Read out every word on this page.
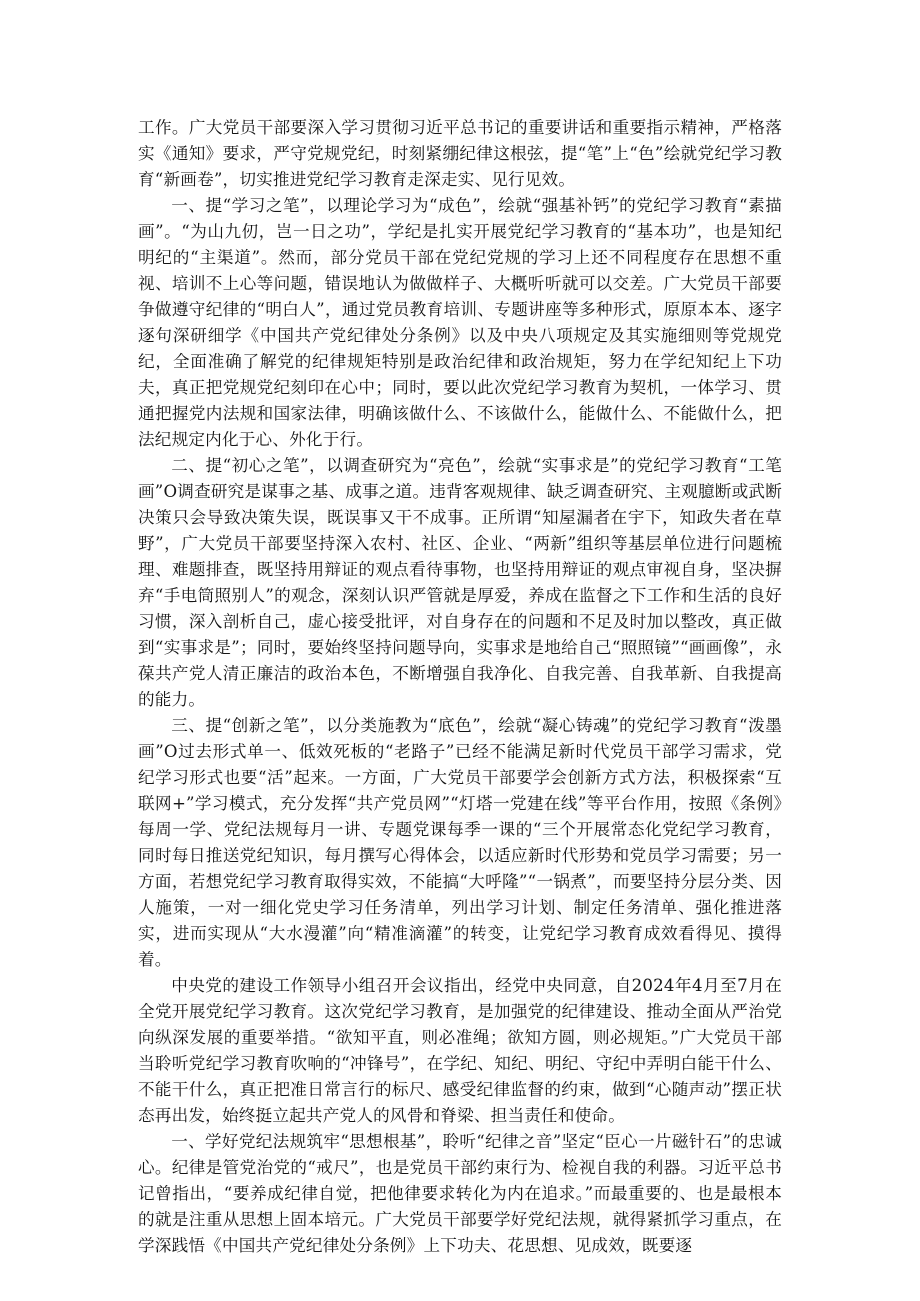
工作。广大党员干部要深入学习贯彻习近平总书记的重要讲话和重要指示精神，严格落实《通知》要求，严守党规党纪，时刻紧绷纪律这根弦，提“笔”上“色”绘就党纪学习教育“新画卷”，切实推进党纪学习教育走深走实、见行见效。

一、提“学习之笔”，以理论学习为“成色”，绘就“强基补钙”的党纪学习教育“素描画”。“为山九仞，岂一日之功”，学纪是扎实开展党纪学习教育的“基本功”，也是知纪明纪的“主渠道”。然而，部分党员干部在党纪党规的学习上还不同程度存在思想不重视、培训不上心等问题，错误地认为做做样子、大概听听就可以交差。广大党员干部要争做遵守纪律的“明白人”，通过党员教育培训、专题讲座等多种形式，原原本本、逐字逐句深研细学《中国共产党纪律处分条例》以及中央八项规定及其实施细则等党规党纪，全面准确了解党的纪律规矩特别是政治纪律和政治规矩，努力在学纪知纪上下功夫，真正把党规党纪刻印在心中；同时，要以此次党纪学习教育为契机，一体学习、贯通把握党内法规和国家法律，明确该做什么、不该做什么，能做什么、不能做什么，把法纪规定内化于心、外化于行。

二、提“初心之笔”，以调查研究为“亮色”，绘就“实事求是”的党纪学习教育“工笔画”O调查研究是谋事之基、成事之道。违背客观规律、缺乏调查研究、主观臆断或武断决策只会导致决策失误，既误事又干不成事。正所谓“知屋漏者在宇下，知政失者在草野”，广大党员干部要坚持深入农村、社区、企业、“两新”组织等基层单位进行问题梳理、难题排查，既坚持用辩证的观点看待事物，也坚持用辩证的观点审视自身，坚决摒弃“手电筒照别人”的观念，深刻认识严管就是厚爱，养成在监督之下工作和生活的良好习惯，深入剖析自己，虚心接受批评，对自身存在的问题和不足及时加以整改，真正做到“实事求是”；同时，要始终坚持问题导向，实事求是地给自己“照照镜”“画画像”，永葆共产党人清正廉洁的政治本色，不断增强自我净化、自我完善、自我革新、自我提高的能力。

三、提“创新之笔”，以分类施教为“底色”，绘就“凝心铸魂”的党纪学习教育“泼墨画”O过去形式单一、低效死板的“老路子”已经不能满足新时代党员干部学习需求，党纪学习形式也要“活”起来。一方面，广大党员干部要学会创新方式方法，积极探索“互联网+”学习模式，充分发挥“共产党员网”“灯塔一党建在线”等平台作用，按照《条例》每周一学、党纪法规每月一讲、专题党课每季一课的“三个开展常态化党纪学习教育，同时每日推送党纪知识，每月撰写心得体会，以适应新时代形势和党员学习需要；另一方面，若想党纪学习教育取得实效，不能搞“大呼隆”“一锅煮”，而要坚持分层分类、因人施策，一对一细化党史学习任务清单，列出学习计划、制定任务清单、强化推进落实，进而实现从“大水漫灌”向“精准滴灌”的转变，让党纪学习教育成效看得见、摸得着。

中央党的建设工作领导小组召开会议指出，经党中央同意，自2024年4月至7月在全党开展党纪学习教育。这次党纪学习教育，是加强党的纪律建设、推动全面从严治党向纵深发展的重要举措。“欲知平直，则必准绳；欲知方圆，则必规矩。”广大党员干部当聆听党纪学习教育吹响的“冲锋号”，在学纪、知纪、明纪、守纪中弄明白能干什么、不能干什么，真正把准日常言行的标尺、感受纪律监督的约束，做到“心随声动”摆正状态再出发，始终挺立起共产党人的风骨和脊梁、担当责任和使命。

一、学好党纪法规筑牢“思想根基”，聆听“纪律之音”坚定“臣心一片磁针石”的忠诚心。纪律是管党治党的“戒尺”，也是党员干部约束行为、检视自我的利器。习近平总书记曾指出，“要养成纪律自觉，把他律要求转化为内在追求。”而最重要的、也是最根本的就是注重从思想上固本培元。广大党员干部要学好党纪法规，就得紧抓学习重点，在学深践悟《中国共产党纪律处分条例》上下功夫、花思想、见成效，既要逐
